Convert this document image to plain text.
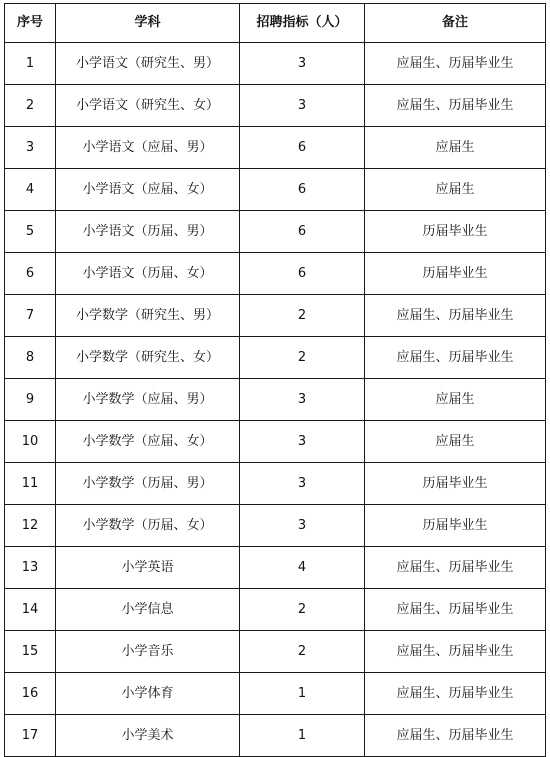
序号	学科	招聘指标（人）	备注
1	小学语文（研究生、男）	3	应届生、历届毕业生
2	小学语文（研究生、女）	3	应届生、历届毕业生
3	小学语文（应届、男）	6	应届生
4	小学语文（应届、女）	6	应届生
5	小学语文（历届、男）	6	历届毕业生
6	小学语文（历届、女）	6	历届毕业生
7	小学数学（研究生、男）	2	应届生、历届毕业生
8	小学数学（研究生、女）	2	应届生、历届毕业生
9	小学数学（应届、男）	3	应届生
10	小学数学（应届、女）	3	应届生
11	小学数学（历届、男）	3	历届毕业生
12	小学数学（历届、女）	3	历届毕业生
13	小学英语	4	应届生、历届毕业生
14	小学信息	2	应届生、历届毕业生
15	小学音乐	2	应届生、历届毕业生
16	小学体育	1	应届生、历届毕业生
17	小学美术	1	应届生、历届毕业生
